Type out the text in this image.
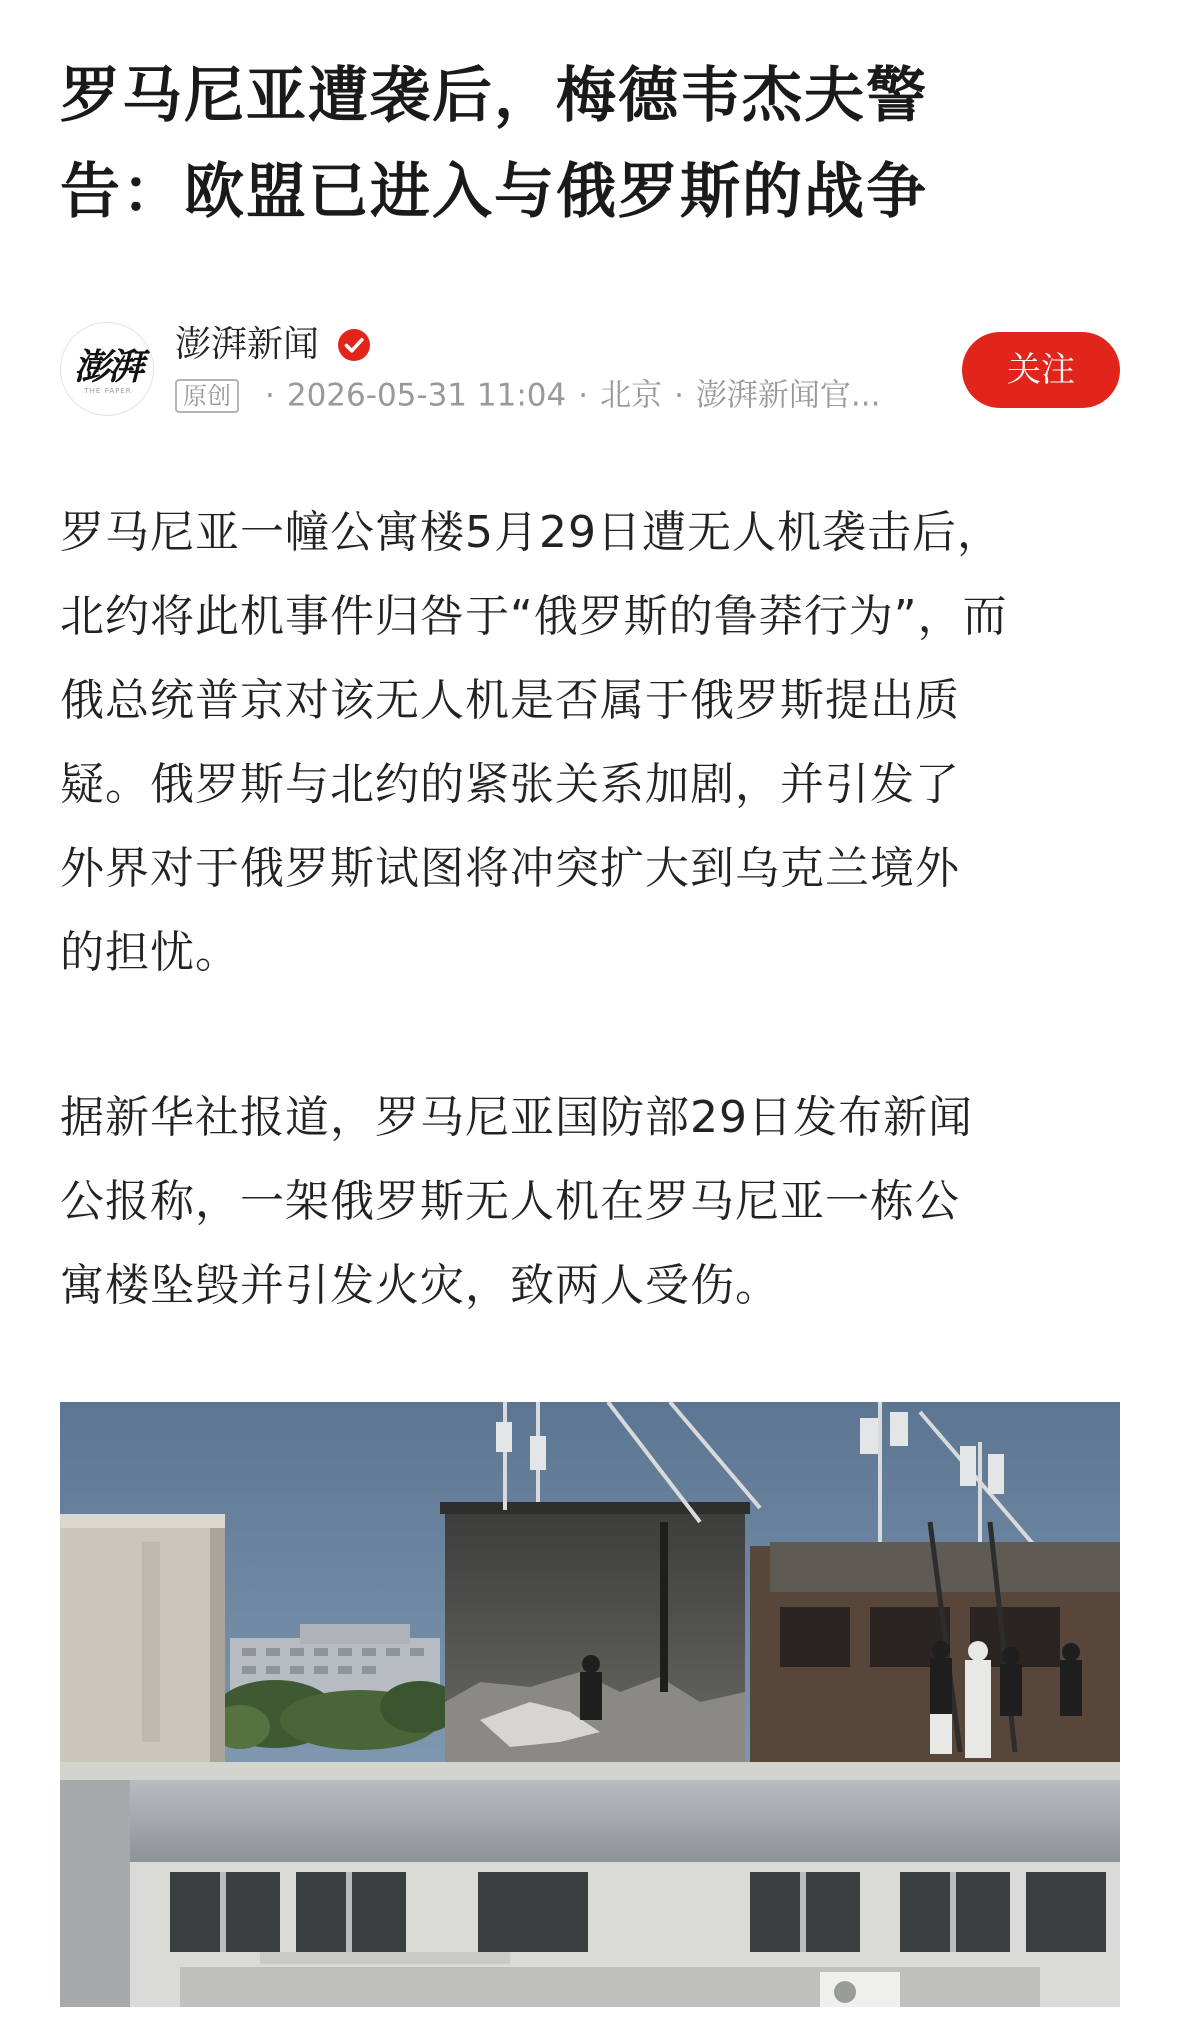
罗马尼亚遭袭后，梅德韦杰夫警
告：欧盟已进入与俄罗斯的战争
澎湃
THE PAPER
澎湃新闻
原创 · 2026-05-31 11:04 · 北京 · 澎湃新闻官...
关注

罗马尼亚一幢公寓楼5月29日遭无人机袭击后，
北约将此机事件归咎于“俄罗斯的鲁莽行为”，而
俄总统普京对该无人机是否属于俄罗斯提出质
疑。俄罗斯与北约的紧张关系加剧，并引发了
外界对于俄罗斯试图将冲突扩大到乌克兰境外
的担忧。

据新华社报道，罗马尼亚国防部29日发布新闻
公报称，一架俄罗斯无人机在罗马尼亚一栋公
寓楼坠毁并引发火灾，致两人受伤。
